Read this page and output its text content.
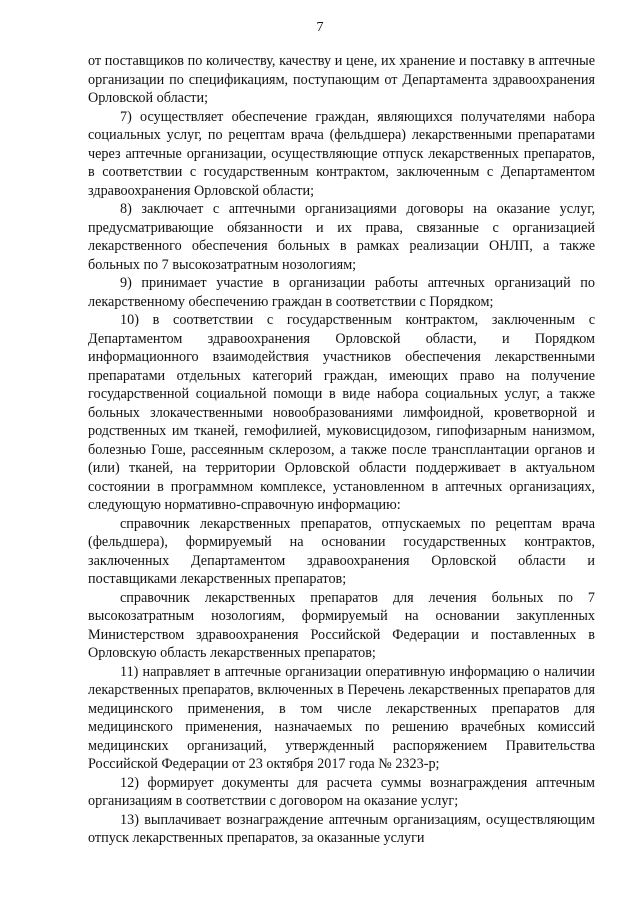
7

от поставщиков по количеству, качеству и цене, их хранение и поставку в аптечные организации по спецификациям, поступающим от Департамента здравоохранения Орловской области;

7) осуществляет обеспечение граждан, являющихся получателями набора социальных услуг, по рецептам врача (фельдшера) лекарственными препаратами через аптечные организации, осуществляющие отпуск лекарственных препаратов, в соответствии с государственным контрактом, заключенным с Департаментом здравоохранения Орловской области;

8) заключает с аптечными организациями договоры на оказание услуг, предусматривающие обязанности и их права, связанные с организацией лекарственного обеспечения больных в рамках реализации ОНЛП, а также больных по 7 высокозатратным нозологиям;

9) принимает участие в организации работы аптечных организаций по лекарственному обеспечению граждан в соответствии с Порядком;

10) в соответствии с государственным контрактом, заключенным с Департаментом здравоохранения Орловской области, и Порядком информационного взаимодействия участников обеспечения лекарственными препаратами отдельных категорий граждан, имеющих право на получение государственной социальной помощи в виде набора социальных услуг, а также больных злокачественными новообразованиями лимфоидной, кроветворной и родственных им тканей, гемофилией, муковисцидозом, гипофизарным нанизмом, болезнью Гоше, рассеянным склерозом, а также после трансплантации органов и (или) тканей, на территории Орловской области поддерживает в актуальном состоянии в программном комплексе, установленном в аптечных организациях, следующую нормативно-справочную информацию:

справочник лекарственных препаратов, отпускаемых по рецептам врача (фельдшера), формируемый на основании государственных контрактов, заключенных Департаментом здравоохранения Орловской области и поставщиками лекарственных препаратов;

справочник лекарственных препаратов для лечения больных по 7 высокозатратным нозологиям, формируемый на основании закупленных Министерством здравоохранения Российской Федерации и поставленных в Орловскую область лекарственных препаратов;

11) направляет в аптечные организации оперативную информацию о наличии лекарственных препаратов, включенных в Перечень лекарственных препаратов для медицинского применения, в том числе лекарственных препаратов для медицинского применения, назначаемых по решению врачебных комиссий медицинских организаций, утвержденный распоряжением Правительства Российской Федерации от 23 октября 2017 года № 2323-р;

12) формирует документы для расчета суммы вознаграждения аптечным организациям в соответствии с договором на оказание услуг;

13) выплачивает вознаграждение аптечным организациям, осуществляющим отпуск лекарственных препаратов, за оказанные услуги
